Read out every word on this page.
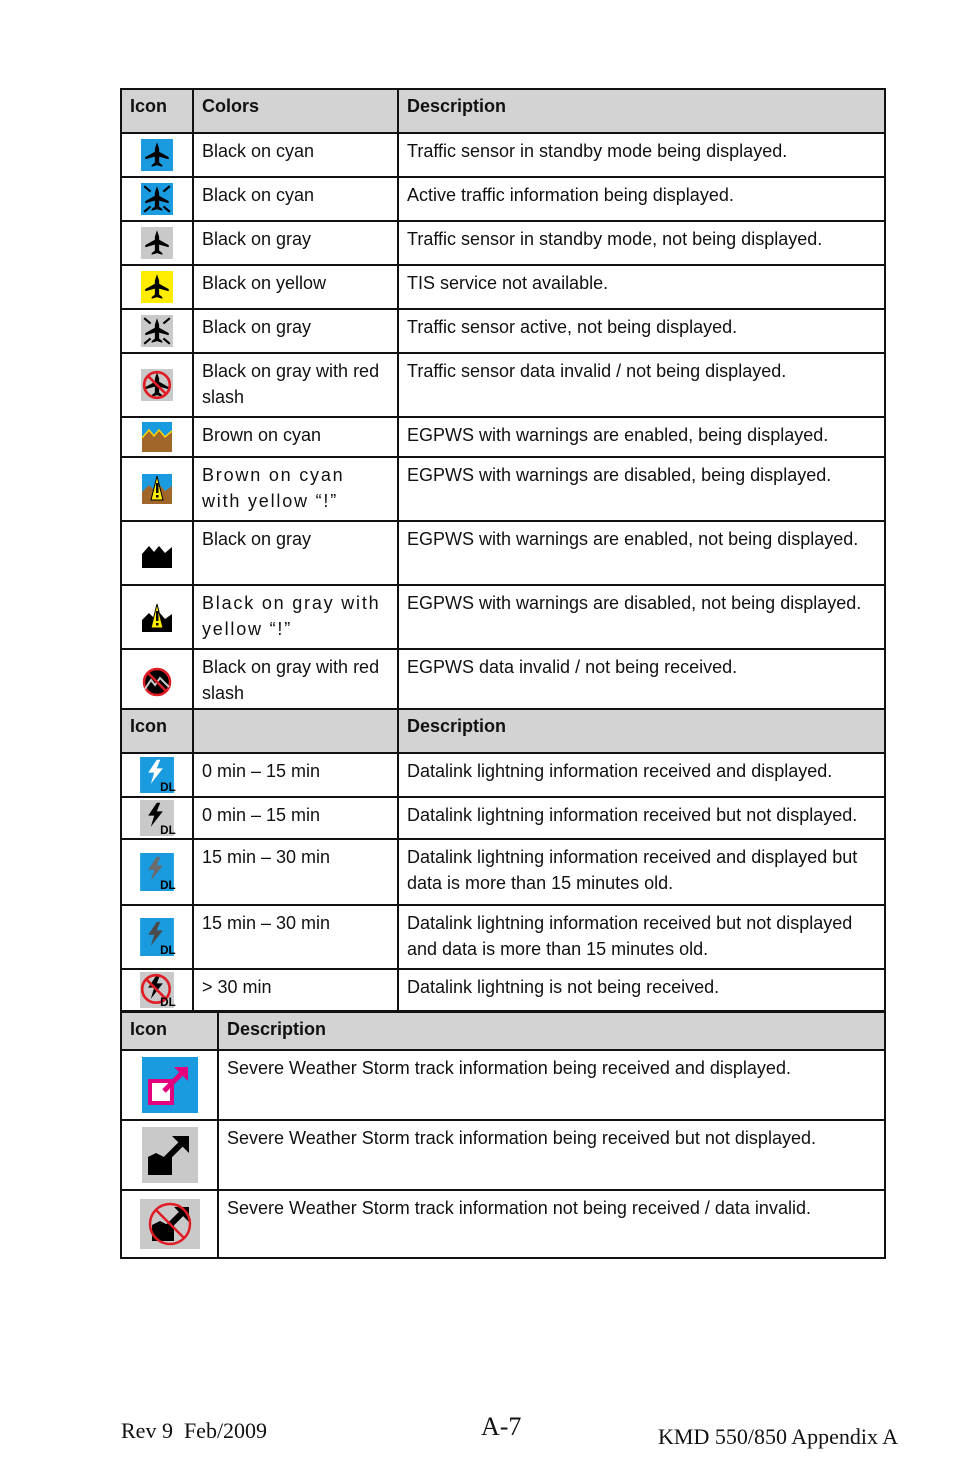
Icon	Colors	Description

	Black on cyan	Traffic sensor in standby mode being displayed.

	Black on cyan	Active traffic information being displayed.

	Black on gray	Traffic sensor in standby mode, not being displayed.

	Black on yellow	TIS service not available.

	Black on gray	Traffic sensor active, not being displayed.

	Black on gray with red slash	Traffic sensor data invalid / not being displayed.

	Brown on cyan	EGPWS with warnings are enabled, being displayed.

	Brown on cyan with yellow “!”	EGPWS with warnings are disabled, being displayed.

	Black on gray	EGPWS with warnings are enabled, not being displayed.

	Black on gray with yellow “!”	EGPWS with warnings are disabled, not being displayed.

	Black on gray with red slash	EGPWS data invalid / not being received.
Icon		Description

DL	0 min – 15 min	Datalink lightning information received and displayed.

DL	0 min – 15 min	Datalink lightning information received but not displayed.

DL	15 min – 30 min	Datalink lightning information received and displayed but data is more than 15 minutes old.

DL	15 min – 30 min	Datalink lightning information received but not displayed and data is more than 15 minutes old.

DL	> 30 min	Datalink lightning is not being received.
Icon	Description

	Severe Weather Storm track information being received and displayed.

	Severe Weather Storm track information being received but not displayed.

	Severe Weather Storm track information not being received / data invalid.
Rev 9  Feb/2009	A-7	KMD 550/850 Appendix A
